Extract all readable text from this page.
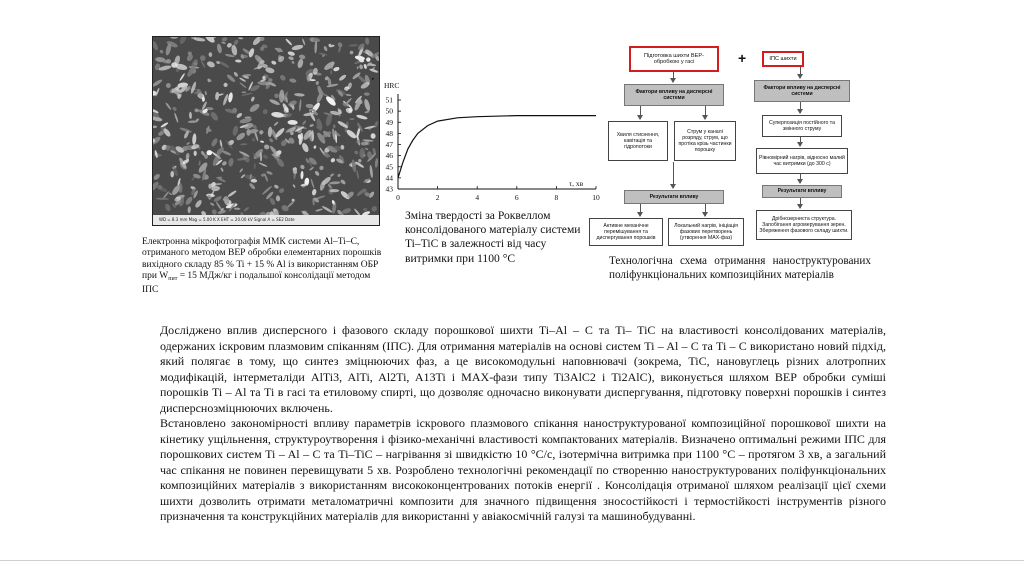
WD = 8.3 mm Mag = 5.00 K X EHT = 20.00 kV Signal A = SE2 Date
Електронна мікрофотографія ММК системи Al–Ti–C, отриманого методом ВЕР обробки елементарних порошків вихідного складу 85 % Ti + 15 % Al із використанням ОБР при $W_{пит} = 15$ МДж/кг і подальшої консолідації методом ІПС
43
44
45
46
47
48
49
50
51
0	2	4	6	8	10
HRC
τ, хв
Зміна твердості за Роквеллом консолідованого матеріалу системи Ti–TiC в залежності від часу витримки при 1100 °С
Підготовка шихти ВЕР-обробкою у гасі
Фактори впливу на дисперсні системи
Хвиля стиснення, кавітація та гідропотоки
Струм у каналі розряду, струм, що протіка крізь частинки порошку
Результати впливу
Активне механічне перемішування та диспергування порошків
Локальний нагрів, ініціація фазових перетворень (утворення МАХ-фаз)
+	ІПС шихти
Фактори впливу на дисперсні системи
Суперпозиція постійного та змінного струму
Рівномірний нагрів, відносно малий час витримки (до 300 с)
Результати впливу
Дрібнозерниста структура. Запобігання агромерування зерен. Збереження фазового складу шихти.
Технологічна схема отримання наноструктурованих поліфункціональних композиційних матеріалів

Досліджено вплив дисперсного і фазового складу порошкової шихти Ti–Al – C та Ti– TiC на властивості консолідованих матеріалів, одержаних іскровим плазмовим спіканням (ІПС). Для отримання матеріалів на основі систем Ti – Al – C та Ti – C використано новий підхід, який полягає в тому, що синтез зміцнюючих фаз, а це високомодульні наповнювачі (зокрема, TiC, нановуглець різних алотропних модифікацій, інтерметаліди AlTi3, AlTi, Al2Ti, A13Ti і МАХ-фази типу Ti3AlC2 і Ti2AlC), виконується шляхом ВЕР обробки суміші порошків Ti – Al та Ti в гасі та етиловому спирті, що дозволяє одночасно виконувати диспергування, підготовку поверхні порошків і синтез дисперснозміцнюючих включень.

Встановлено закономірності впливу параметрів іскрового плазмового спікання наноструктурованої композиційної порошкової шихти на кінетику ущільнення, структуроутворення і фізико-механічні властивості компактованих матеріалів. Визначено оптимальні режими ІПС для порошкових систем Ti – Al – C та Ti–TiC – нагрівання зі швидкістю 10 °С/с, ізотермічна витримка при 1100 °С – протягом 3 хв, а загальний час спікання не повинен перевищувати 5 хв. Розроблено технологічні рекомендації по створенню наноструктурованих поліфункціональних композиційних матеріалів з використанням висококонцентрованих потоків енергії . Консолідація отриманої шляхом реалізації цієї схеми шихти дозволить отримати металоматричні композити для значного підвищення зносостійкості і термостійкості інструментів різного призначення та конструкційних матеріалів для використанні у авіакосмічній галузі та машинобудуванні.
